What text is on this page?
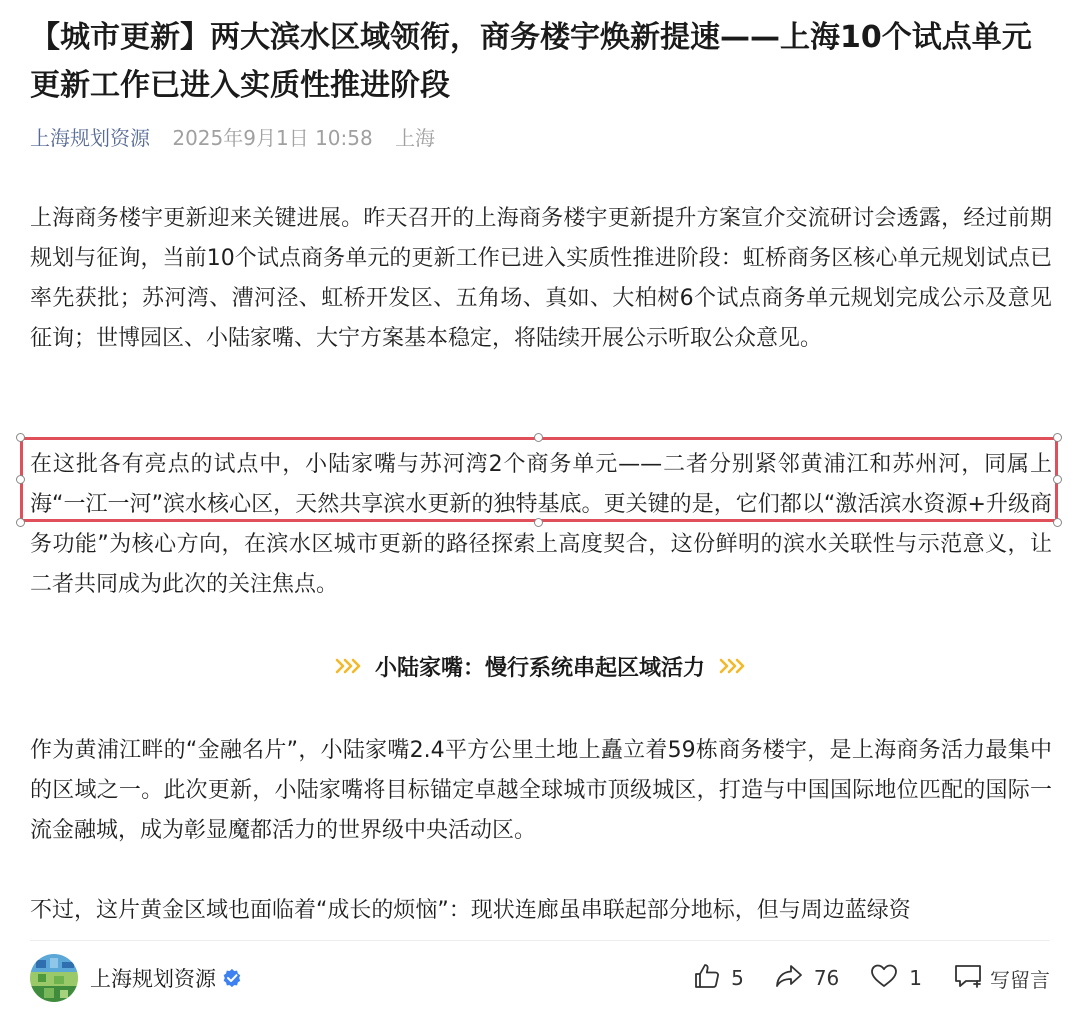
【城市更新】两大滨水区域领衔，商务楼宇焕新提速——上海10个试点单元更新工作已进入实质性推进阶段
上海规划资源 2025年9月1日 10:58 上海

上海商务楼宇更新迎来关键进展。昨天召开的上海商务楼宇更新提升方案宣介交流研讨会透露，经过前期规划与征询，当前10个试点商务单元的更新工作已进入实质性推进阶段：虹桥商务区核心单元规划试点已率先获批；苏河湾、漕河泾、虹桥开发区、五角场、真如、大柏树6个试点商务单元规划完成公示及意见征询；世博园区、小陆家嘴、大宁方案基本稳定，将陆续开展公示听取公众意见。

在这批各有亮点的试点中，小陆家嘴与苏河湾2个商务单元——二者分别紧邻黄浦江和苏州河，同属上海“一江一河”滨水核心区，天然共享滨水更新的独特基底。更关键的是，它们都以“激活滨水资源+升级商务功能”为核心方向，在滨水区城市更新的路径探索上高度契合，这份鲜明的滨水关联性与示范意义，让二者共同成为此次的关注焦点。

小陆家嘴：慢行系统串起区域活力

作为黄浦江畔的“金融名片”，小陆家嘴2.4平方公里土地上矗立着59栋商务楼宇，是上海商务活力最集中的区域之一。此次更新，小陆家嘴将目标锚定卓越全球城市顶级城区，打造与中国国际地位匹配的国际一流金融城，成为彰显魔都活力的世界级中央活动区。

不过，这片黄金区域也面临着“成长的烦恼”：现状连廊虽串联起部分地标，但与周边蓝绿资

上海规划资源	5	76	1	写留言
